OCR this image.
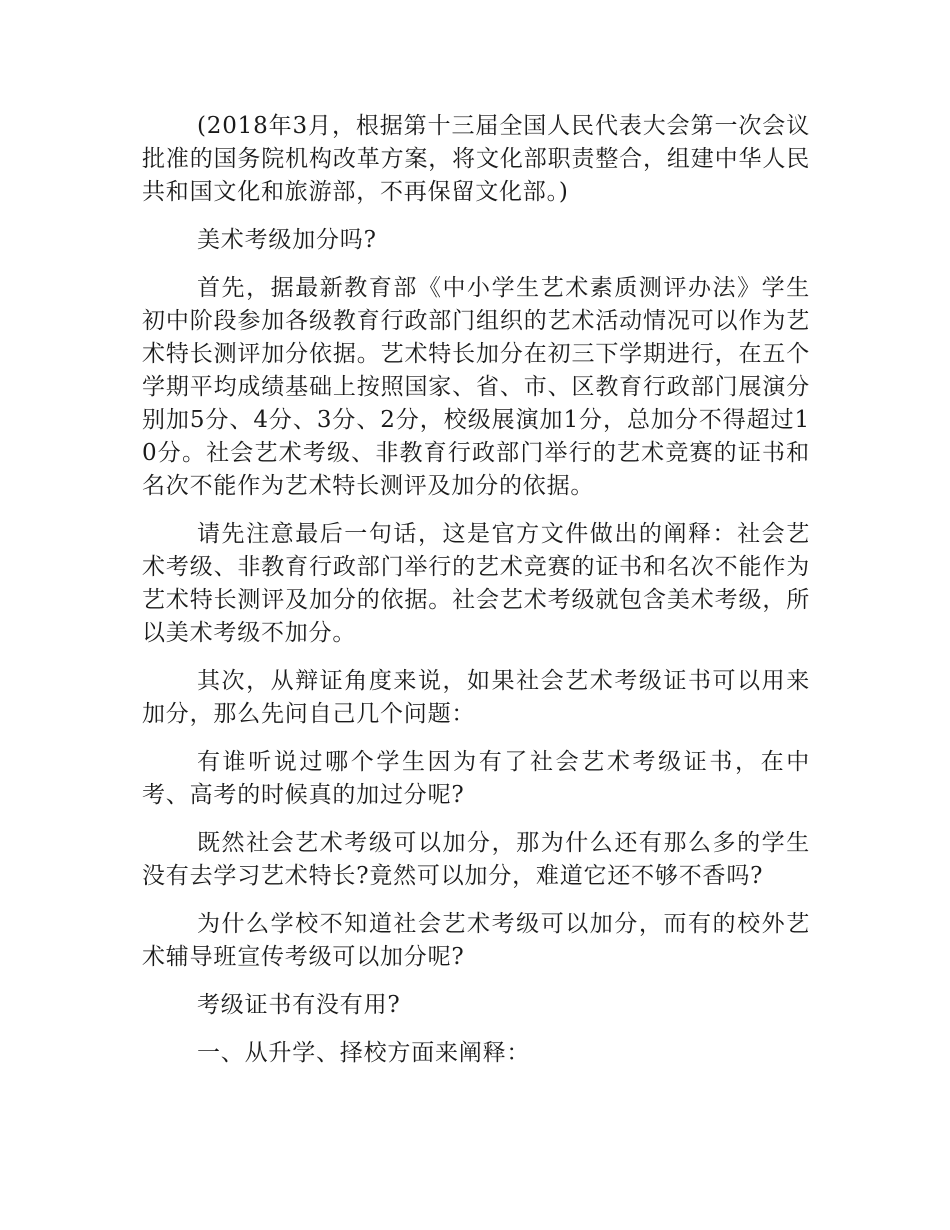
(2018年3月，根据第十三届全国人民代表大会第一次会议批准的国务院机构改革方案，将文化部职责整合，组建中华人民共和国文化和旅游部，不再保留文化部。)

美术考级加分吗?

首先，据最新教育部《中小学生艺术素质测评办法》学生初中阶段参加各级教育行政部门组织的艺术活动情况可以作为艺术特长测评加分依据。艺术特长加分在初三下学期进行，在五个学期平均成绩基础上按照国家、省、市、区教育行政部门展演分别加5分、4分、3分、2分，校级展演加1分，总加分不得超过10分。社会艺术考级、非教育行政部门举行的艺术竞赛的证书和名次不能作为艺术特长测评及加分的依据。

请先注意最后一句话，这是官方文件做出的阐释：社会艺术考级、非教育行政部门举行的艺术竞赛的证书和名次不能作为艺术特长测评及加分的依据。社会艺术考级就包含美术考级，所以美术考级不加分。

其次，从辩证角度来说，如果社会艺术考级证书可以用来加分，那么先问自己几个问题：

有谁听说过哪个学生因为有了社会艺术考级证书，在中考、高考的时候真的加过分呢?

既然社会艺术考级可以加分，那为什么还有那么多的学生没有去学习艺术特长?竟然可以加分，难道它还不够不香吗?

为什么学校不知道社会艺术考级可以加分，而有的校外艺术辅导班宣传考级可以加分呢?

考级证书有没有用?

一、从升学、择校方面来阐释：
